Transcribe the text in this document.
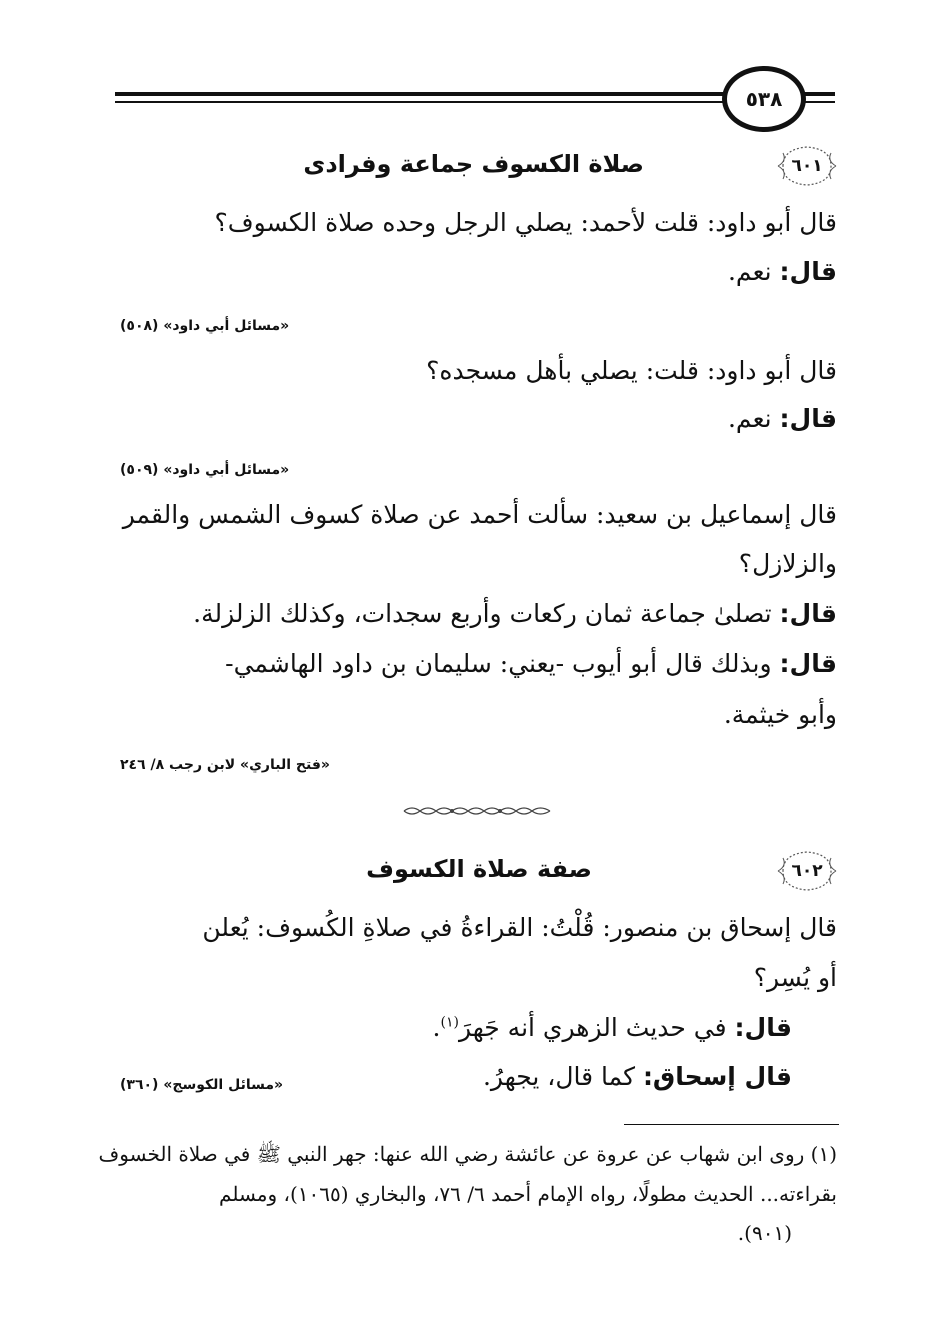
٥٣٨
٦٠١
صلاة الكسوف جماعة وفرادى
قال أبو داود: قلت لأحمد: يصلي الرجل وحده صلاة الكسوف؟
قال: نعم.
«مسائل أبي داود» (٥٠٨)
قال أبو داود: قلت: يصلي بأهل مسجده؟
قال: نعم.
«مسائل أبي داود» (٥٠٩)
قال إسماعيل بن سعيد: سألت أحمد عن صلاة كسوف الشمس والقمر
والزلازل؟
قال: تصلىٰ جماعة ثمان ركعات وأربع سجدات، وكذلك الزلزلة.
قال: وبذلك قال أبو أيوب -يعني: سليمان بن داود الهاشمي-
وأبو خيثمة.
«فتح الباري» لابن رجب ٨/ ٢٤٦
٦٠٢
صفة صلاة الكسوف
قال إسحاق بن منصور: قُلْتُ: القراءةُ في صلاةِ الكُسوف: يُعلن
أو يُسِر؟
قال: في حديث الزهري أنه جَهرَ$^{(١)}$.
قال إسحاق: كما قال، يجهرُ.
«مسائل الكوسج» (٣٦٠)
(١) روى ابن شهاب عن عروة عن عائشة رضي الله عنها: جهر النبي ﷺ في صلاة الخسوف
بقراءته... الحديث مطولًا، رواه الإمام أحمد ٦/ ٧٦، والبخاري (١٠٦٥)، ومسلم
(٩٠١).
